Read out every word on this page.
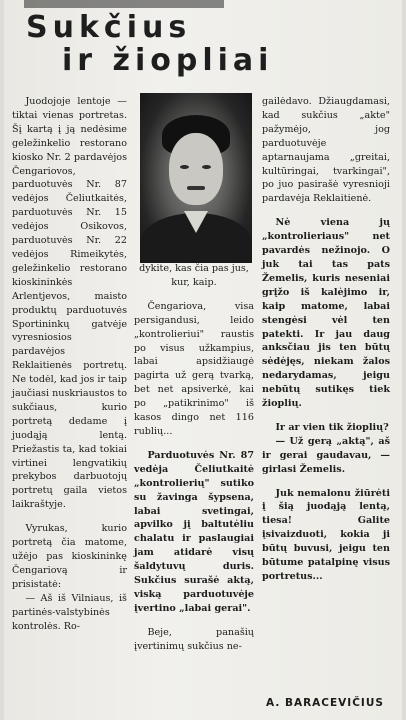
Sukčius
ir žiopliai

Juodojoje lentoje —tiktai vienas portretas. Šį kartą į ją nedėsime geležinkelio restorano kiosko Nr. 2 pardavėjos Čengariovos, parduotuvės Nr. 87 vedėjos Čeliutkaitės, parduotuvės Nr. 15 vedėjos Osikovos, parduotuvės Nr. 22 vedėjos Rimeikytės, geležinkelio restorano kioskininkės Arlentjevos, maisto produktų parduotuvės Sportininkų gatvėje vyresniosios pardavėjos Reklaitienės portretų. Ne todėl, kad jos ir taip jaučiasi nuskriaustos to sukčiaus, kurio portretą dedame į juodąją lentą. Priežastis ta, kad tokiai virtinei lengvatikių prekybos darbuotojų portretų gaila vietos laikraštyje.

Vyrukas, kurio portretą čia matome, užėjo pas kioskininkę Čengariovą ir prisistatė:

— Aš iš Vilniaus, iš partinės-valstybinės kontrolės. Ro-

dykite, kas čia pas jus, kur, kaip.

Čengariova, visa persigandusi, leido „kontrolieriui" raustis po visus užkampius, labai apsidžiaugė pagirta už gerą tvarką, bet net apsiverkė, kai po „patikrinimo" iš kasos dingo net 116 rublių...

Parduotuvės Nr. 87 vedėja Čeliutkaitė „kontrolierių" sutiko su žavinga šypsena, labai svetingai, apvilko jį baltutėliu chalatu ir paslaugiai jam atidarė visų šaldytuvų duris. Sukčius surašė aktą, viską parduotuvėje įvertino „labai gerai".

Beje, panašių įvertinimų sukčius ne-

gailėdavo. Džiaugdamasi, kad sukčius „akte" pažymėjo, jog parduotuvėje aptarnaujama „greitai, kultūringai, tvarkingai", po juo pasirašė vyresnioji pardavėja Reklaitienė.

Nė viena jų „kontrolieriaus" net pavardės nežinojo. O juk tai tas pats Žemelis, kuris neseniai grįžo iš kalėjimo ir, kaip matome, labai stengėsi vėl ten patekti. Ir jau daug anksčiau jis ten būtų sėdėjęs, niekam žalos nedarydamas, jeigu nebūtų sutikęs tiek žioplių.

Ir ar vien tik žioplių?

— Už gerą „aktą", aš ir gerai gaudavau, —girlasi Žemelis.

Juk nemalonu žiūrėti į šią juodąją lentą, tiesa! Galite įsivaizduoti, kokia ji būtų buvusi, jeigu ten būtume patalpinę visus portretus...

A. BARACEVIČIUS
